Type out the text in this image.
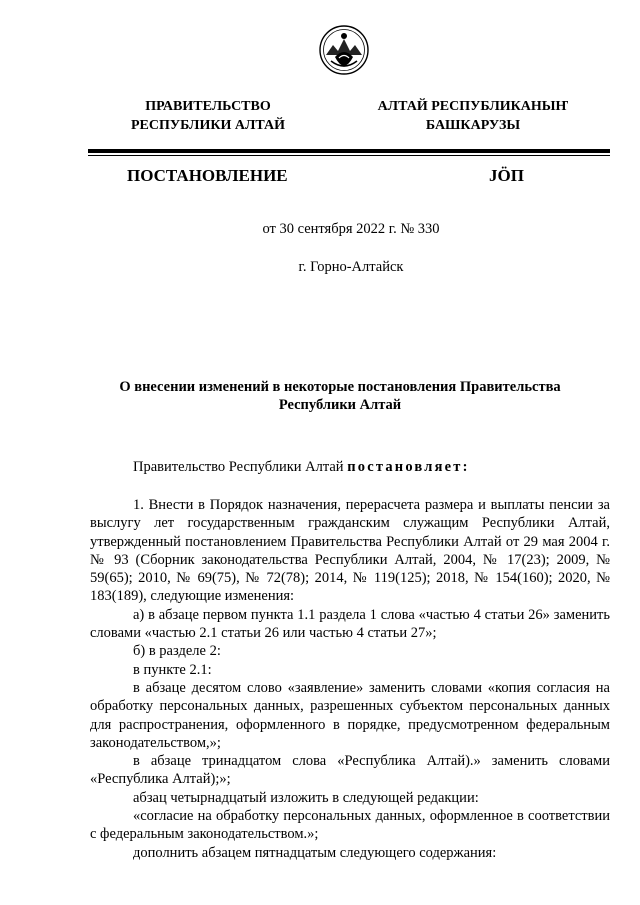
ПРАВИТЕЛЬСТВО
РЕСПУБЛИКИ АЛТАЙ
АЛТАЙ РЕСПУБЛИКАНЫҤ
БАШКАРУЗЫ
ПОСТАНОВЛЕНИЕ	JÖП
от 30 сентября 2022 г. № 330
г. Горно-Алтайск
О внесении изменений в некоторые постановления Правительства
Республики Алтай
Правительство Республики Алтай постановляет:

1. Внести в Порядок назначения, перерасчета размера и выплаты пенсии за выслугу лет государственным гражданским служащим Республики Алтай, утвержденный постановлением Правительства Республики Алтай от 29 мая 2004 г. № 93 (Сборник законодательства Республики Алтай, 2004, № 17(23); 2009, № 59(65); 2010, № 69(75), № 72(78); 2014, № 119(125); 2018, № 154(160); 2020, № 183(189), следующие изменения:

а) в абзаце первом пункта 1.1 раздела 1 слова «частью 4 статьи 26» заменить словами «частью 2.1 статьи 26 или частью 4 статьи 27»;

б) в разделе 2:

в пункте 2.1:

в абзаце десятом слово «заявление» заменить словами «копия согласия на обработку персональных данных, разрешенных субъектом персональных данных для распространения, оформленного в порядке, предусмотренном федеральным законодательством,»;

в абзаце тринадцатом слова «Республика Алтай).» заменить словами «Республика Алтай);»;

абзац четырнадцатый изложить в следующей редакции:

«согласие на обработку персональных данных, оформленное в соответствии с федеральным законодательством.»;

дополнить абзацем пятнадцатым следующего содержания:
